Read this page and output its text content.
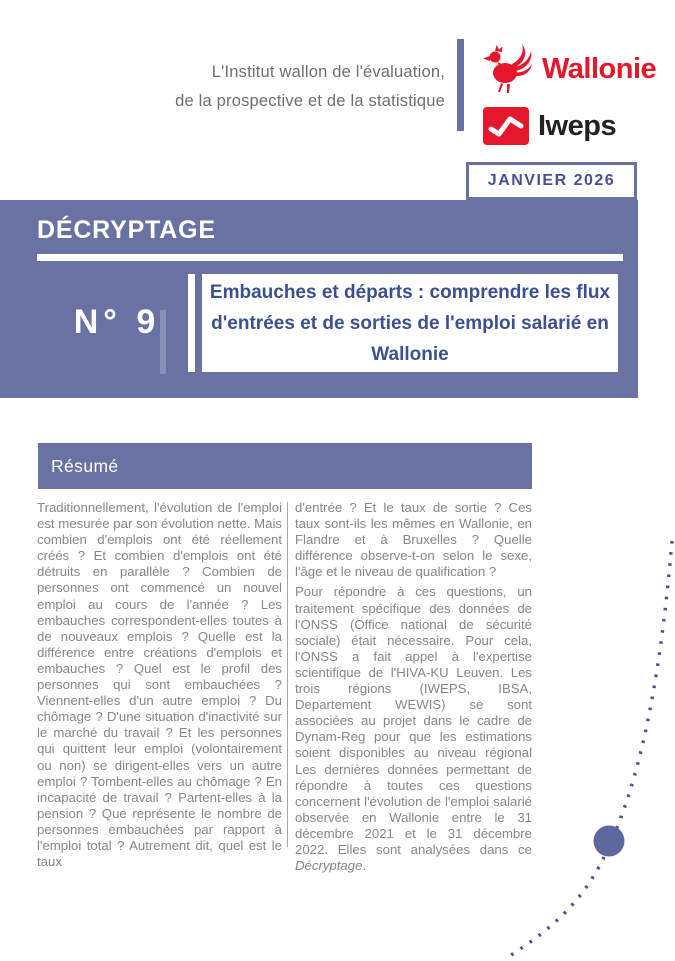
L'Institut wallon de l'évaluation,
de la prospective et de la statistique
Wallonie
Iweps
JANVIER 2026
DÉCRYPTAGE
N° 9
Embauches et départs : comprendre les flux d'entrées et de sorties de l'emploi salarié en Wallonie
Résumé

Traditionnellement, l'évolution de l'emploi est mesurée par son évolution nette. Mais combien d'emplois ont été réellement créés ? Et combien d'emplois ont été détruits en parallèle ? Combien de personnes ont commencé un nouvel emploi au cours de l'année ? Les embauches correspondent-elles toutes à de nouveaux emplois ? Quelle est la différence entre créations d'emplois et embauches ? Quel est le profil des personnes qui sont embauchées ? Viennent-elles d'un autre emploi ? Du chômage ? D'une situation d'inactivité sur le marché du travail ? Et les personnes qui quittent leur emploi (volontairement ou non) se dirigent-elles vers un autre emploi ? Tombent-elles au chômage ? En incapacité de travail ? Partent-elles à la pension ? Que représente le nombre de personnes embauchées par rapport à l'emploi total ? Autrement dit, quel est le taux

d'entrée ? Et le taux de sortie ? Ces taux sont-ils les mêmes en Wallonie, en Flandre et à Bruxelles ? Quelle différence observe-t-on selon le sexe, l'âge et le niveau de qualification ?

Pour répondre à ces questions, un traitement spécifique des données de l'ONSS (Office national de sécurité sociale) était nécessaire. Pour cela, l'ONSS a fait appel à l'expertise scientifique de l'HIVA-KU Leuven. Les trois régions (IWEPS, IBSA, Departement WEWIS) se sont associées au projet dans le cadre de Dynam-Reg pour que les estimations soient disponibles au niveau régional Les dernières données permettant de répondre à toutes ces questions concernent l'évolution de l'emploi salarié observée en Wallonie entre le 31 décembre 2021 et le 31 décembre 2022. Elles sont analysées dans ce Décryptage.
